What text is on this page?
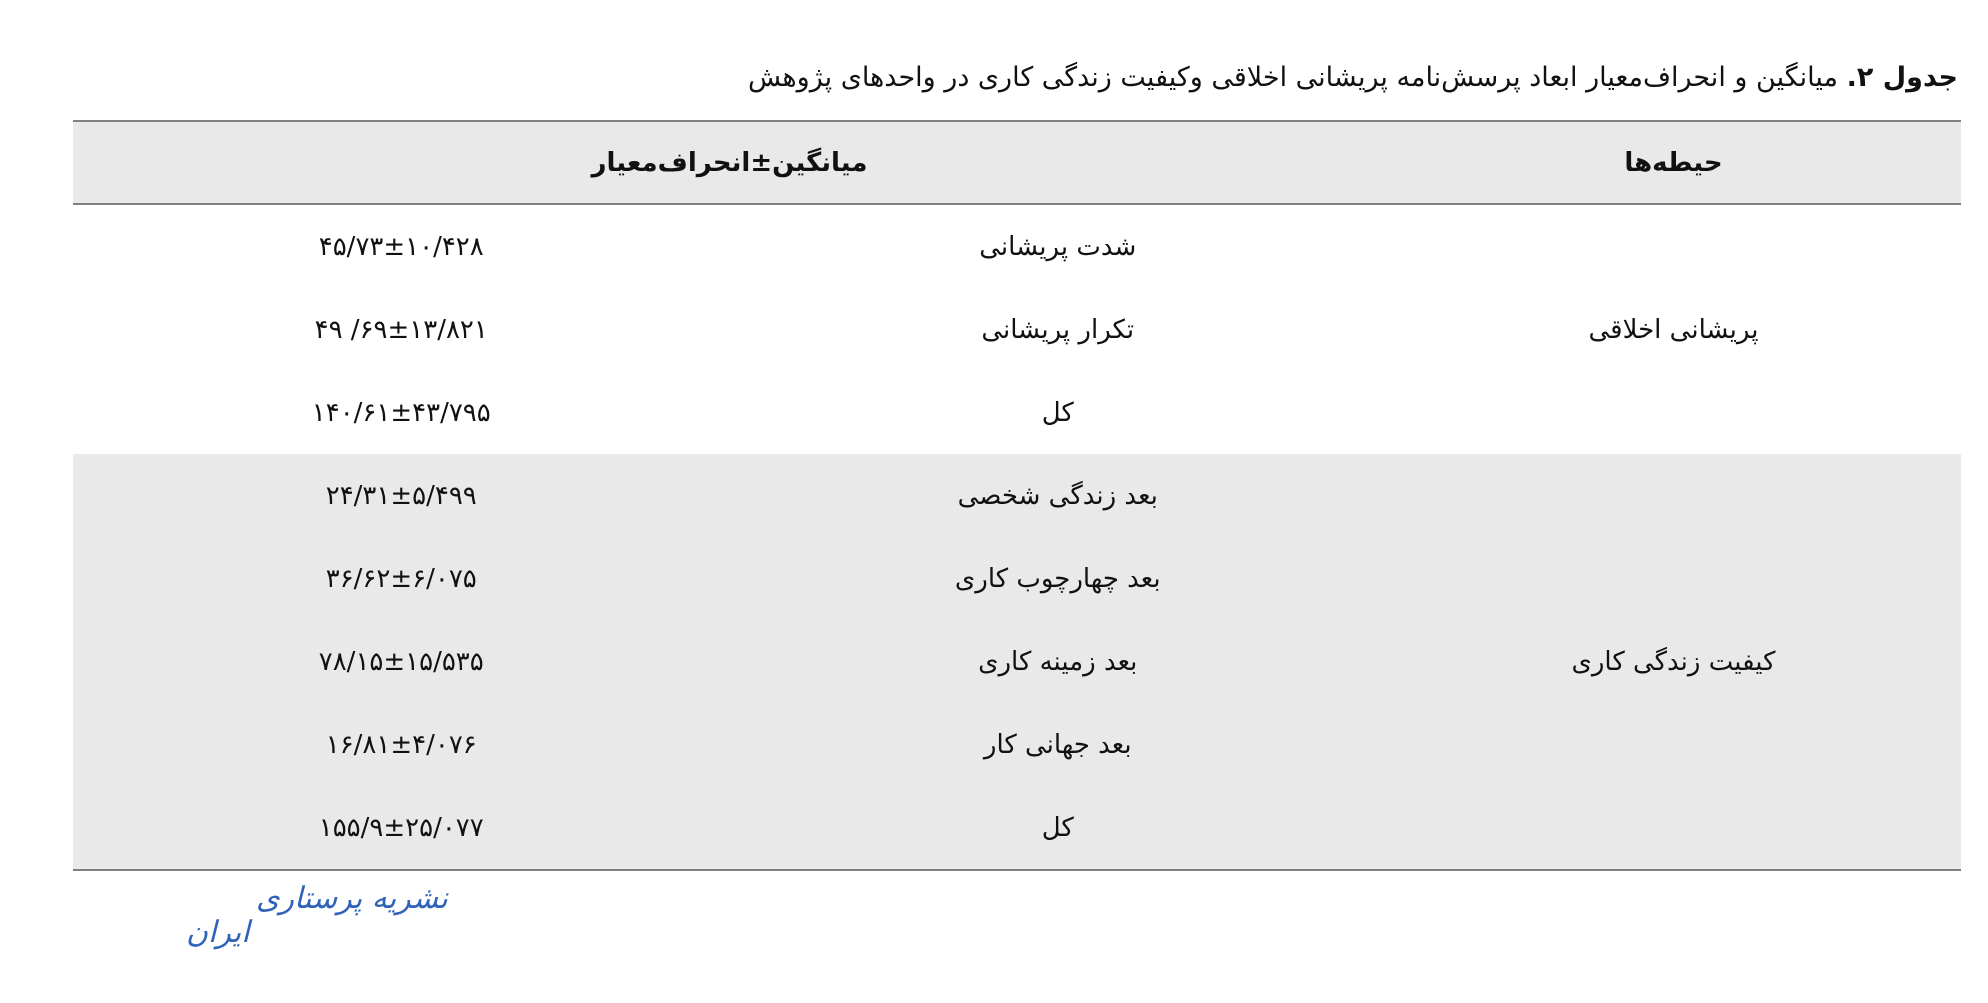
جدول ۲. میانگین و انحراف‌معیار ابعاد پرسش‌نامه پریشانی اخلاقی وکیفیت زندگی کاری در واحدهای پژوهش
حیطه‌ها	میانگین±انحراف‌معیار	
پریشانی اخلاقی	شدت پریشانی	۴۵/۷۳±۱۰/۴۲۸
	تکرار پریشانی	۴۹ /۶۹±۱۳/۸۲۱
	کل	۱۴۰/۶۱±۴۳/۷۹۵
کیفیت زندگی کاری	بعد زندگی شخصی	۲۴/۳۱±۵/۴۹۹
	بعد چهارچوب کاری	۳۶/۶۲±۶/۰۷۵
	بعد زمینه کاری	۷۸/۱۵±۱۵/۵۳۵
	بعد جهانی کار	۱۶/۸۱±۴/۰۷۶
	کل	۱۵۵/۹±۲۵/۰۷۷
نشریه پرستاری
ایران
